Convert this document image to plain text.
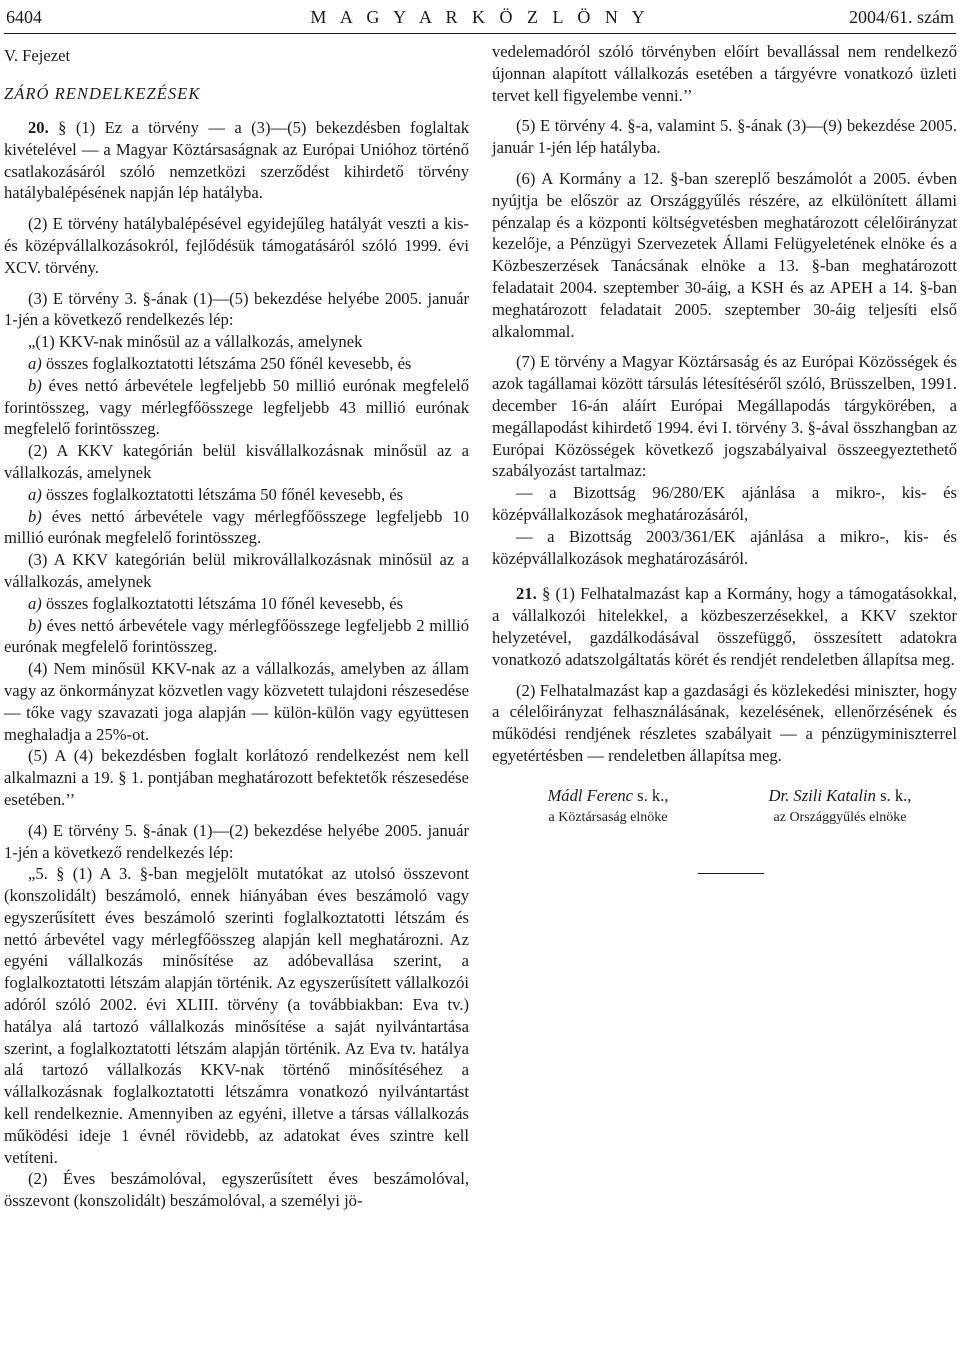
6404	M A G Y A R K Ö Z L Ö N Y	2004/61. szám

V. Fejezet

ZÁRÓ RENDELKEZÉSEK

20. § (1) Ez a törvény — a (3)—(5) bekezdésben foglaltak kivételével — a Magyar Köztársaságnak az Európai Unióhoz történő csatlakozásáról szóló nemzetközi szerződést kihirdető törvény hatálybalépésének napján lép hatályba.

(2) E törvény hatálybalépésével egyidejűleg hatályát veszti a kis- és középvállalkozásokról, fejlődésük támogatásáról szóló 1999. évi XCV. törvény.

(3) E törvény 3. §-ának (1)—(5) bekezdése helyébe 2005. január 1-jén a következő rendelkezés lép:

„(1) KKV-nak minősül az a vállalkozás, amelynek

a) összes foglalkoztatotti létszáma 250 főnél kevesebb, és

b) éves nettó árbevétele legfeljebb 50 millió eurónak megfelelő forintösszeg, vagy mérlegfőösszege legfeljebb 43 millió eurónak megfelelő forintösszeg.

(2) A KKV kategórián belül kisvállalkozásnak minősül az a vállalkozás, amelynek

a) összes foglalkoztatotti létszáma 50 főnél kevesebb, és

b) éves nettó árbevétele vagy mérlegfőösszege legfeljebb 10 millió eurónak megfelelő forintösszeg.

(3) A KKV kategórián belül mikrovállalkozásnak minősül az a vállalkozás, amelynek

a) összes foglalkoztatotti létszáma 10 főnél kevesebb, és

b) éves nettó árbevétele vagy mérlegfőösszege legfeljebb 2 millió eurónak megfelelő forintösszeg.

(4) Nem minősül KKV-nak az a vállalkozás, amelyben az állam vagy az önkormányzat közvetlen vagy közvetett tulajdoni részesedése — tőke vagy szavazati joga alapján — külön-külön vagy együttesen meghaladja a 25%-ot.

(5) A (4) bekezdésben foglalt korlátozó rendelkezést nem kell alkalmazni a 19. § 1. pontjában meghatározott befektetők részesedése esetében.’’

(4) E törvény 5. §-ának (1)—(2) bekezdése helyébe 2005. január 1-jén a következő rendelkezés lép:

„5. § (1) A 3. §-ban megjelölt mutatókat az utolsó összevont (konszolidált) beszámoló, ennek hiányában éves beszámoló vagy egyszerűsített éves beszámoló szerinti foglalkoztatotti létszám és nettó árbevétel vagy mérlegfőösszeg alapján kell meghatározni. Az egyéni vállalkozás minősítése az adóbevallása szerint, a foglalkoztatotti létszám alapján történik. Az egyszerűsített vállalkozói adóról szóló 2002. évi XLIII. törvény (a továbbiakban: Eva tv.) hatálya alá tartozó vállalkozás minősítése a saját nyilvántartása szerint, a foglalkoztatotti létszám alapján történik. Az Eva tv. hatálya alá tartozó vállalkozás KKV-nak történő minősítéséhez a vállalkozásnak foglalkoztatotti létszámra vonatkozó nyilvántartást kell rendelkeznie. Amennyiben az egyéni, illetve a társas vállalkozás működési ideje 1 évnél rövidebb, az adatokat éves szintre kell vetíteni.

(2) Éves beszámolóval, egyszerűsített éves beszámolóval, összevont (konszolidált) beszámolóval, a személyi jö-

vedelemadóról szóló törvényben előírt bevallással nem rendelkező újonnan alapított vállalkozás esetében a tárgyévre vonatkozó üzleti tervet kell figyelembe venni.’’

(5) E törvény 4. §-a, valamint 5. §-ának (3)—(9) bekezdése 2005. január 1-jén lép hatályba.

(6) A Kormány a 12. §-ban szereplő beszámolót a 2005. évben nyújtja be először az Országgyűlés részére, az elkülönített állami pénzalap és a központi költségvetésben meghatározott célelőirányzat kezelője, a Pénzügyi Szervezetek Állami Felügyeletének elnöke és a Közbeszerzések Tanácsának elnöke a 13. §-ban meghatározott feladatait 2004. szeptember 30-áig, a KSH és az APEH a 14. §-ban meghatározott feladatait 2005. szeptember 30-áig teljesíti első alkalommal.

(7) E törvény a Magyar Köztársaság és az Európai Közösségek és azok tagállamai között társulás létesítéséről szóló, Brüsszelben, 1991. december 16-án aláírt Európai Megállapodás tárgykörében, a megállapodást kihirdető 1994. évi I. törvény 3. §-ával összhangban az Európai Közösségek következő jogszabályaival összeegyeztethető szabályozást tartalmaz:

— a Bizottság 96/280/EK ajánlása a mikro-, kis- és középvállalkozások meghatározásáról,

— a Bizottság 2003/361/EK ajánlása a mikro-, kis- és középvállalkozások meghatározásáról.

21. § (1) Felhatalmazást kap a Kormány, hogy a támogatásokkal, a vállalkozói hitelekkel, a közbeszerzésekkel, a KKV szektor helyzetével, gazdálkodásával összefüggő, összesített adatokra vonatkozó adatszolgáltatás körét és rendjét rendeletben állapítsa meg.

(2) Felhatalmazást kap a gazdasági és közlekedési miniszter, hogy a célelőirányzat felhasználásának, kezelésének, ellenőrzésének és működési rendjének részletes szabályait — a pénzügyminiszterrel egyetértésben — rendeletben állapítsa meg.

Mádl Ferenc s. k.,
a Köztársaság elnöke
Dr. Szili Katalin s. k.,
az Országgyűlés elnöke
